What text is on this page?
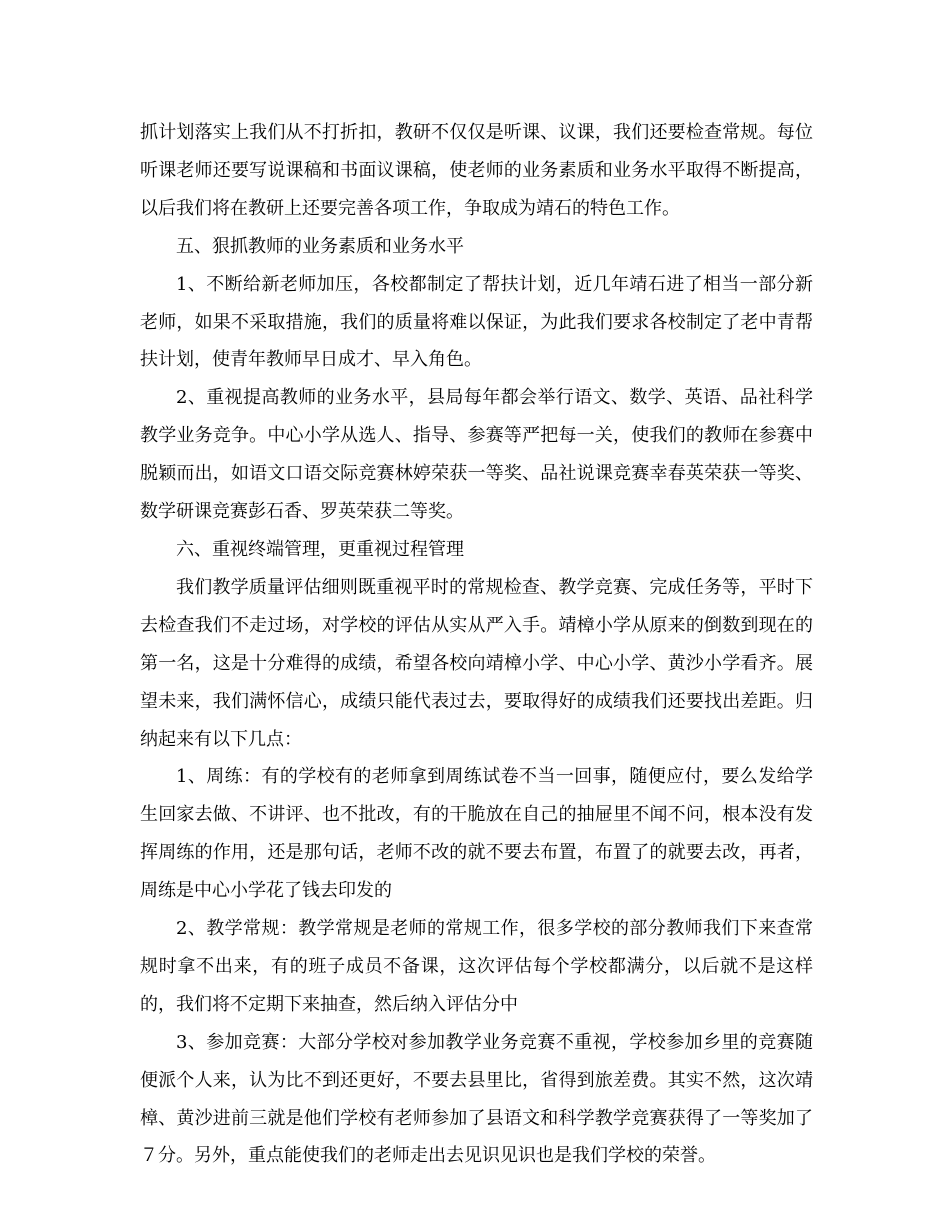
抓计划落实上我们从不打折扣，教研不仅仅是听课、议课，我们还要检查常规。每位听课老师还要写说课稿和书面议课稿，使老师的业务素质和业务水平取得不断提高，以后我们将在教研上还要完善各项工作，争取成为靖石的特色工作。

五、狠抓教师的业务素质和业务水平

1、不断给新老师加压，各校都制定了帮扶计划，近几年靖石进了相当一部分新老师，如果不采取措施，我们的质量将难以保证，为此我们要求各校制定了老中青帮扶计划，使青年教师早日成才、早入角色。

2、重视提高教师的业务水平，县局每年都会举行语文、数学、英语、品社科学教学业务竞争。中心小学从选人、指导、参赛等严把每一关，使我们的教师在参赛中脱颖而出，如语文口语交际竞赛林婷荣获一等奖、品社说课竞赛幸春英荣获一等奖、数学研课竞赛彭石香、罗英荣获二等奖。

六、重视终端管理，更重视过程管理

我们教学质量评估细则既重视平时的常规检查、教学竞赛、完成任务等，平时下去检查我们不走过场，对学校的评估从实从严入手。靖樟小学从原来的倒数到现在的第一名，这是十分难得的成绩，希望各校向靖樟小学、中心小学、黄沙小学看齐。展望未来，我们满怀信心，成绩只能代表过去，要取得好的成绩我们还要找出差距。归纳起来有以下几点：

1、周练：有的学校有的老师拿到周练试卷不当一回事，随便应付，要么发给学生回家去做、不讲评、也不批改，有的干脆放在自己的抽屉里不闻不问，根本没有发挥周练的作用，还是那句话，老师不改的就不要去布置，布置了的就要去改，再者，周练是中心小学花了钱去印发的

2、教学常规：教学常规是老师的常规工作，很多学校的部分教师我们下来查常规时拿不出来，有的班子成员不备课，这次评估每个学校都满分，以后就不是这样的，我们将不定期下来抽查，然后纳入评估分中

3、参加竞赛：大部分学校对参加教学业务竞赛不重视，学校参加乡里的竞赛随便派个人来，认为比不到还更好，不要去县里比，省得到旅差费。其实不然，这次靖樟、黄沙进前三就是他们学校有老师参加了县语文和科学教学竞赛获得了一等奖加了７分。另外，重点能使我们的老师走出去见识见识也是我们学校的荣誉。
